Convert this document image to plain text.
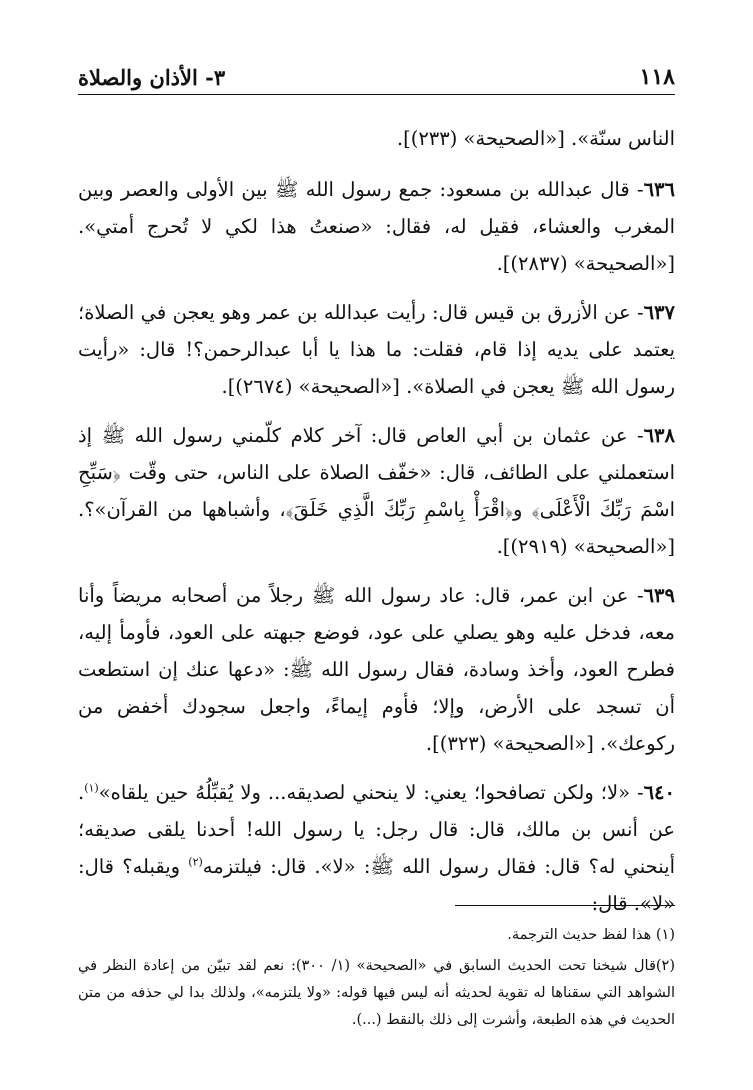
١١٨
٣- الأذان والصلاة

الناس سنّة». [«الصحيحة» (٢٣٣)].

٦٣٦- قال عبدالله بن مسعود: جمع رسول الله ﷺ بين الأولى والعصر وبين المغرب والعشاء، فقيل له، فقال: «صنعتُ هذا لكي لا تُحرج أمتي». [«الصحيحة» (٢٨٣٧)].

٦٣٧- عن الأزرق بن قيس قال: رأيت عبدالله بن عمر وهو يعجن في الصلاة؛ يعتمد على يديه إذا قام، فقلت: ما هذا يا أبا عبدالرحمن؟! قال: «رأيت رسول الله ﷺ يعجن في الصلاة». [«الصحيحة» (٢٦٧٤)].

٦٣٨- عن عثمان بن أبي العاص قال: آخر كلام كلّمني رسول الله ﷺ إذ استعملني على الطائف، قال: «خفّف الصلاة على الناس، حتى وقّت ﴿سَبِّحِ اسْمَ رَبِّكَ الْأَعْلَى﴾ و﴿اقْرَأْ بِاسْمِ رَبِّكَ الَّذِي خَلَقَ﴾، وأشباهها من القرآن»؟. [«الصحيحة» (٢٩١٩)].

٦٣٩- عن ابن عمر، قال: عاد رسول الله ﷺ رجلاً من أصحابه مريضاً وأنا معه، فدخل عليه وهو يصلي على عود، فوضع جبهته على العود، فأومأ إليه، فطرح العود، وأخذ وسادة، فقال رسول الله ﷺ: «دعها عنك إن استطعت أن تسجد على الأرض، وإلا؛ فأوم إيماءً، واجعل سجودك أخفض من ركوعك». [«الصحيحة» (٣٢٣)].

٦٤٠- «لا؛ ولكن تصافحوا؛ يعني: لا ينحني لصديقه... ولا يُقبِّلُهُ حين يلقاه»$^{(١)}$. عن أنس بن مالك، قال: قال رجل: يا رسول الله! أحدنا يلقى صديقه؛ أينحني له؟ قال: فقال رسول الله ﷺ: «لا». قال: فيلتزمه$^{(٢)}$ ويقبله؟ قال: «لا». قال:

(١) هذا لفظ حديث الترجمة.

(٢)قال شيخنا تحت الحديث السابق في «الصحيحة» (١/ ٣٠٠): نعم لقد تبيّن من إعادة النظر في الشواهد التي سقناها له تقوية لحديثه أنه ليس فيها قوله: «ولا يلتزمه»، ولذلك بدا لي حذفه من متن الحديث في هذه الطبعة، وأشرت إلى ذلك بالنقط (...).
